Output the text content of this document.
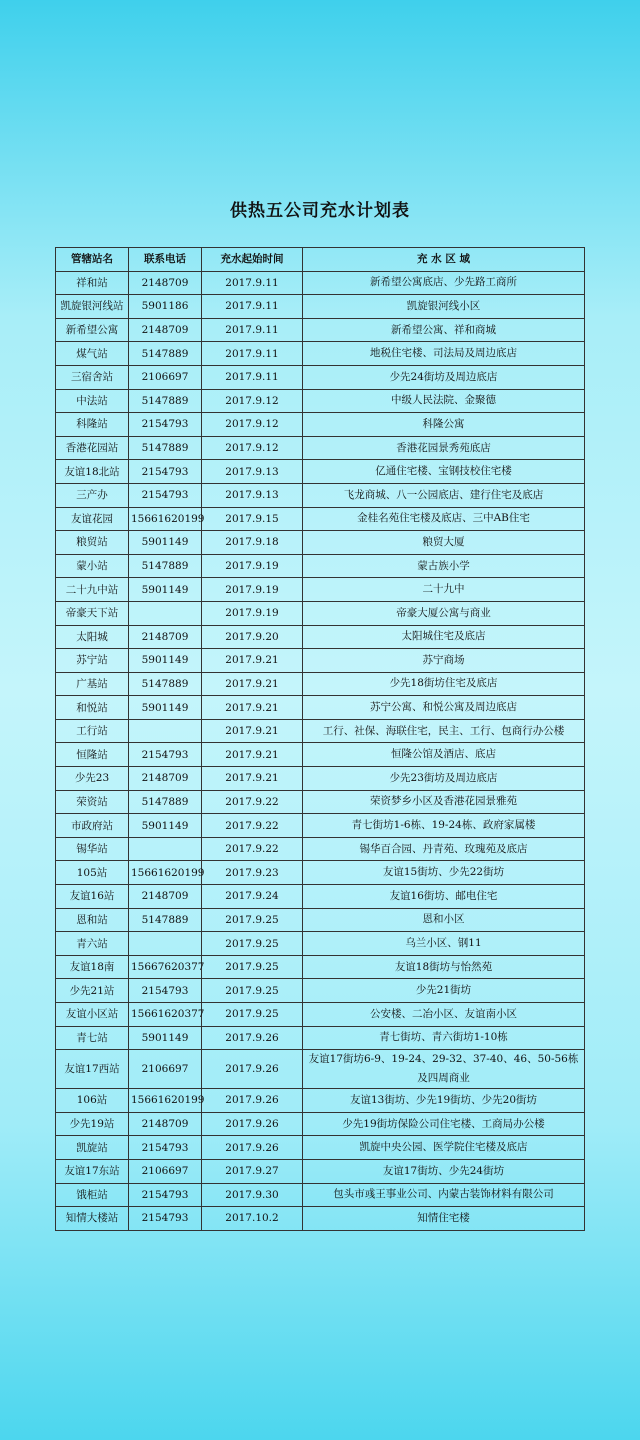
供热五公司充水计划表
管辖站名	联系电话	充水起始时间	充 水 区 域
祥和站	2148709	2017.9.11	新希望公寓底店、少先路工商所
凯旋银河线站	5901186	2017.9.11	凯旋银河线小区
新希望公寓	2148709	2017.9.11	新希望公寓、祥和商城
煤气站	5147889	2017.9.11	地税住宅楼、司法局及周边底店
三宿舍站	2106697	2017.9.11	少先24街坊及周边底店
中法站	5147889	2017.9.12	中级人民法院、金聚德
科隆站	2154793	2017.9.12	科隆公寓
香港花园站	5147889	2017.9.12	香港花园景秀苑底店
友谊18北站	2154793	2017.9.13	亿通住宅楼、宝钢技校住宅楼
三产办	2154793	2017.9.13	飞龙商城、八一公园底店、建行住宅及底店
友谊花园	15661620199	2017.9.15	金桂名苑住宅楼及底店、三中AB住宅
粮贸站	5901149	2017.9.18	粮贸大厦
蒙小站	5147889	2017.9.19	蒙古族小学
二十九中站	5901149	2017.9.19	二十九中
帝豪天下站		2017.9.19	帝豪大厦公寓与商业
太阳城	2148709	2017.9.20	太阳城住宅及底店
苏宁站	5901149	2017.9.21	苏宁商场
广基站	5147889	2017.9.21	少先18街坊住宅及底店
和悦站	5901149	2017.9.21	苏宁公寓、和悦公寓及周边底店
工行站		2017.9.21	工行、社保、海联住宅，民主、工行、包商行办公楼
恒隆站	2154793	2017.9.21	恒隆公馆及酒店、底店
少先23	2148709	2017.9.21	少先23街坊及周边底店
荣资站	5147889	2017.9.22	荣资梦乡小区及香港花园景雅苑
市政府站	5901149	2017.9.22	青七街坊1-6栋、19-24栋、政府家属楼
锡华站		2017.9.22	锡华百合园、丹青苑、玫瑰苑及底店
105站	15661620199	2017.9.23	友谊15街坊、少先22街坊
友谊16站	2148709	2017.9.24	友谊16街坊、邮电住宅
恩和站	5147889	2017.9.25	恩和小区
青六站		2017.9.25	乌兰小区、钢11
友谊18南	15667620377	2017.9.25	友谊18街坊与怡然苑
少先21站	2154793	2017.9.25	少先21街坊
友谊小区站	15661620377	2017.9.25	公安楼、二冶小区、友谊南小区
青七站	5901149	2017.9.26	青七街坊、青六街坊1-10栋
友谊17西站	2106697	2017.9.26	友谊17街坊6-9、19-24、29-32、37-40、46、50-56栋及四周商业
106站	15661620199	2017.9.26	友谊13街坊、少先19街坊、少先20街坊
少先19站	2148709	2017.9.26	少先19街坊保险公司住宅楼、工商局办公楼
凯旋站	2154793	2017.9.26	凯旋中央公园、医学院住宅楼及底店
友谊17东站	2106697	2017.9.27	友谊17街坊、少先24街坊
饿柜站	2154793	2017.9.30	包头市彧王事业公司、内蒙古装饰材料有限公司
知情大楼站	2154793	2017.10.2	知情住宅楼
